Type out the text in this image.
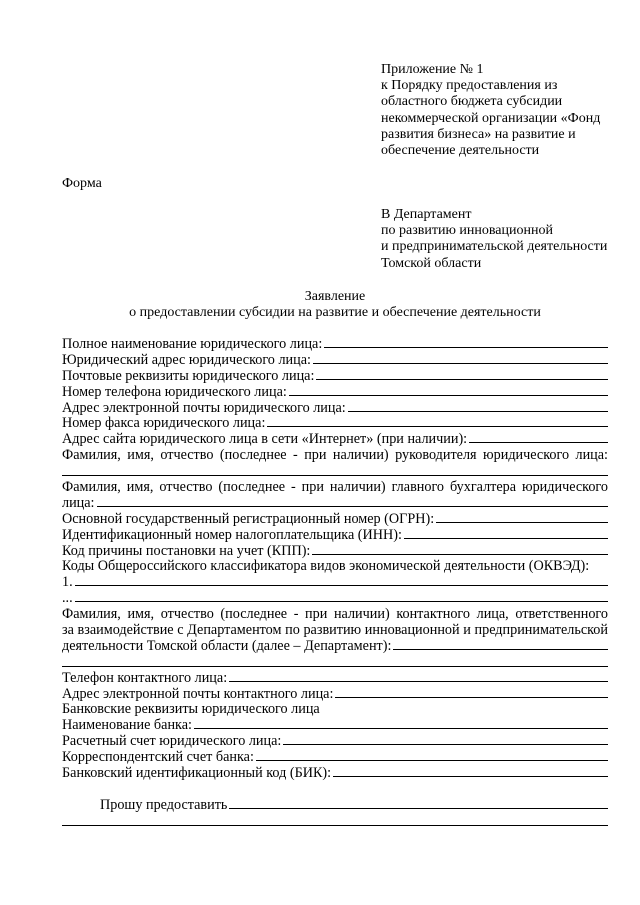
Приложение № 1
к Порядку предоставления из
областного бюджета субсидии
некоммерческой организации «Фонд
развития бизнеса» на развитие и
обеспечение деятельности
Форма
В Департамент
по развитию инновационной
и предпринимательской деятельности
Томской области
Заявление
о предоставлении субсидии на развитие и обеспечение деятельности
Полное наименование юридического лица:
Юридический адрес юридического лица:
Почтовые реквизиты юридического лица:
Номер телефона юридического лица:
Адрес электронной почты юридического лица:
Номер факса юридического лица:
Адрес сайта юридического лица в сети «Интернет» (при наличии):
Фамилия, имя, отчество (последнее - при наличии) руководителя юридического лица:
Фамилия, имя, отчество (последнее - при наличии) главного бухгалтера юридического
лица:
Основной государственный регистрационный номер (ОГРН):
Идентификационный номер налогоплательщика (ИНН):
Код причины постановки на учет (КПП):
Коды Общероссийского классификатора видов экономической деятельности (ОКВЭД):
1.
...
Фамилия, имя, отчество (последнее - при наличии) контактного лица, ответственного
за взаимодействие с Департаментом по развитию инновационной и предпринимательской
деятельности Томской области (далее – Департамент):
Телефон контактного лица:
Адрес электронной почты контактного лица:
Банковские реквизиты юридического лица
Наименование банка:
Расчетный счет юридического лица:
Корреспондентский счет банка:
Банковский идентификационный код (БИК):
Прошу предоставить
